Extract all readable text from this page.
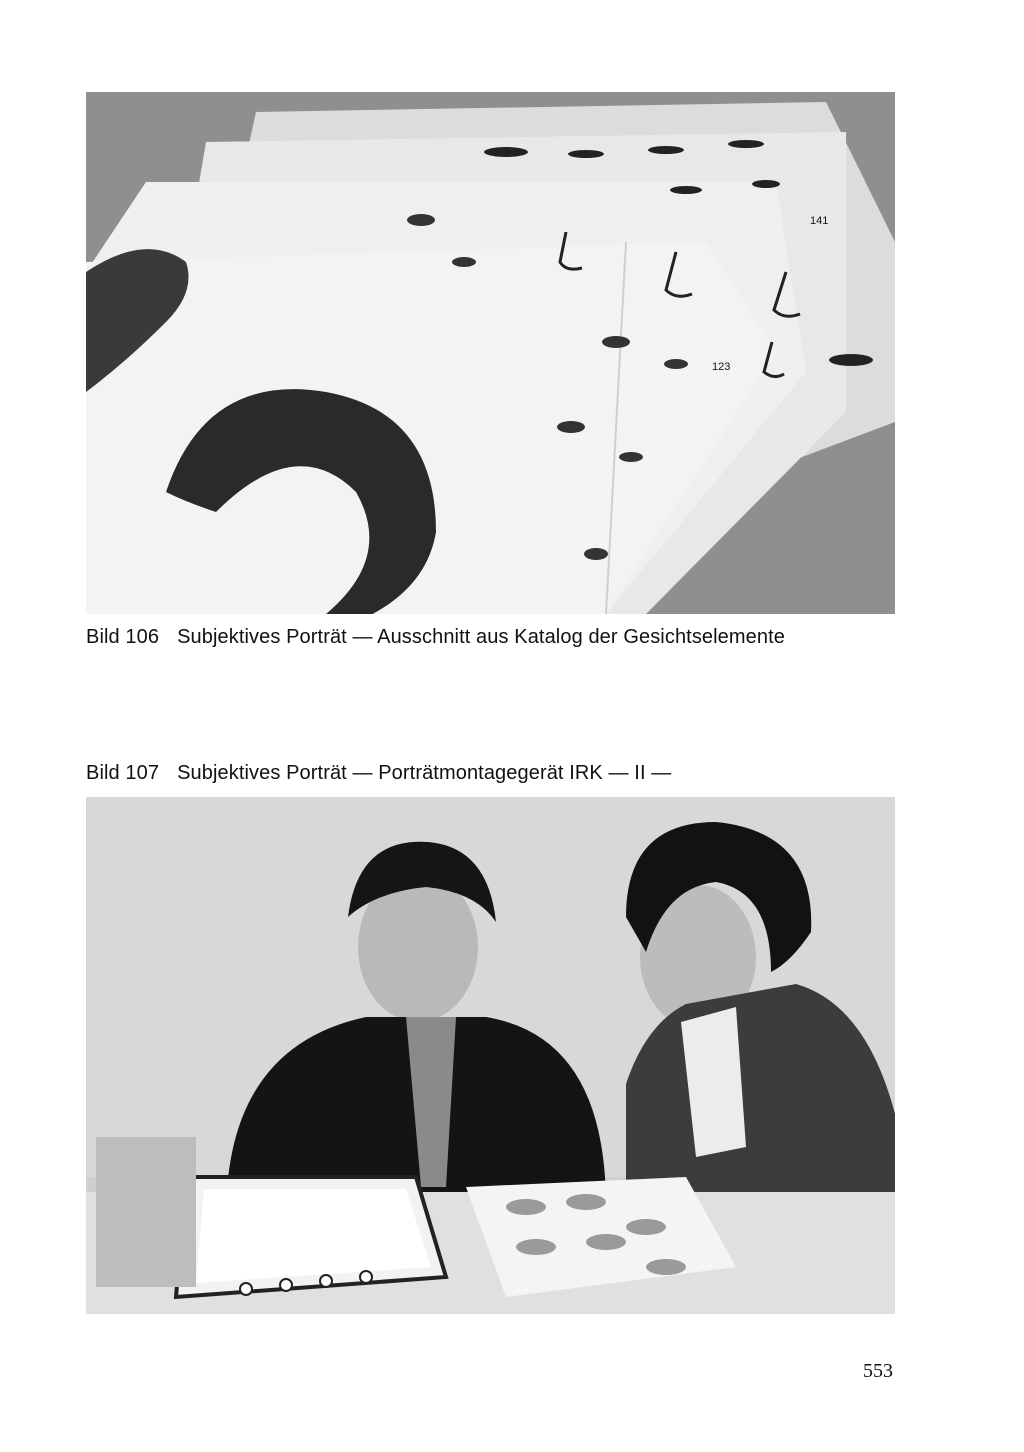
141
123
Bild 106 Subjektives Porträt — Ausschnitt aus Katalog der Gesichtselemente
Bild 107 Subjektives Porträt — Porträtmontagegerät IRK — II —
553
